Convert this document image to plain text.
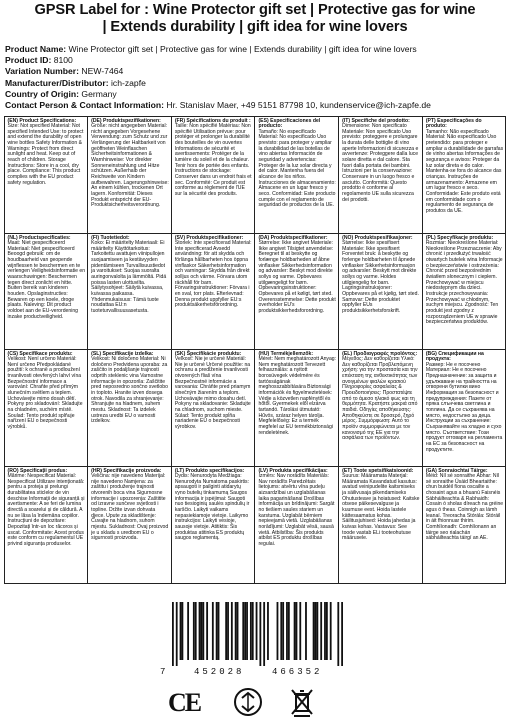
GPSR Label for : Wine Protector gift set | Protective gas for wine
| Extends durability | gift idea for wine lovers
Product Name: Wine Protector gift set | Protective gas for wine | Extends durability | gift idea for wine lovers
Product ID: 8100
Variation Number: NEW-7464
Manufacturer/Distributor: ich-zapfe
Country of Origin: Germany
Contact Person & Contact Information: Hr. Stanislav Maer, +49 5151 87798 10, kundenservice@ich-zapfe.de

(EN) Product Specifications:

Size: Not specified Material: Not specified Intended Use: to protect and extend the durability of open wine bottles Safety Information & Warnings: Protect from direct sunlight and heat. Keep out of reach of children. Storage Instructions: Store in a cool, dry place. Compliance: This product complies with the EU product safety regulation.

(DE) Produktspezifikationen:

Größe: nicht angegeben Material: nicht angegeben Vorgesehene Verwendung: zum Schutz und zur Verlängerung der Haltbarkeit von geöffneten Weinflaschen Sicherheitsinformationen & Warnhinweise: Vor direkter Sonneneinstrahlung und Hitze schützen. Außerhalb der Reichweite von Kindern aufbewahren. Lagerungshinweise: An einem kühlen, trockenen Ort lagern. Konformität: Dieses Produkt entspricht der EU-Produktsicherheitsverordnung.

(FR) Spécifications du produit :

Taille: Non spécifié Matériau: Non spécifié Utilisation prévue: pour protéger et prolonger la durabilité des bouteilles de vin ouvertes Informations de sécurité et avertissements: Protéger de la lumière du soleil et de la chaleur. Tenir hors de portée des enfants. Instructions de stockage: Conserver dans un endroit frais et sec. Conformité: Ce produit est conforme au règlement de l'UE sur la sécurité des produits.

(ES) Especificaciones del producto:

Tamaño: No especificado Material: No especificado Uso previsto: para proteger y ampliar la durabilidad de las botellas de vino abiertas Información de seguridad y advertencias: Proteger de la luz solar directa y del calor. Mantenha fuera del alcance de los niños. Instrucciones de almacenamiento: Almacene en un lugar fresco y seco. Conformidad: Este producto cumple con el reglamento de seguridad de productos de la UE.

(IT) Specifiche del prodotto:

Dimensione: Non specificato Materiale: Non specificato Uso previsto: proteggere e prolungare la durata delle bottiglie di vino aperte Informazioni di sicurezza e avvertenze: Proteggere dalla luce solare diretta e dal calore. Sta fuori dalla portata dei bambini. Istruzioni per la conservazione: Conservare in un luogo fresco e asciutto. Conformità: Questo prodotto è conforme al regolamento UE sulla sicurezza dei prodotti.

(PT) Especificações do produto:

Tamanho: Não especificado Material: Não especificado Uso pretendido: para proteger e ampliar a durabilidade de garrafas de vinho abertas Informações de segurança e avisos: Proteger da luz solar direta e do calor. Mantenha-se fora do alcance das crianças. Instruções de armazenamento: Armazene em um lugar fresco e seco. Conformidade: Este produto está em conformidade com o regulamento de segurança de produtos da UE.

(NL) Productspecificaties:

Maat: Niet gespecificeerd Materiaal: Niet gespecificeerd Beoogd gebruik: om de houdbaarheid van geopende wijnflessen te beschermen en te verlengen Veiligheidsinformatie en waarschuwingen: Beschermen tegen direct zonlicht en hitte. Buiten bereik van kinderen houden. Opslaginstructies: Bewaren op een koele, droge plaats. Naleving: Dit product voldoet aan de EU-verordening inzake productveiligheid.

(FI) Tuotetiedot:

Koko: Ei määritelty Materiaali: Ei määritelty Käyttötarkoitus: Tarkoitettu avattujen viinipullojen suojaamiseen ja kestävyyden pidentämiseen Turvallisuustiedot ja varoitukset: Suojaa suoralta auringonvalolta ja lämmöltä. Pidä poissa lasten ulottuvilta. Säilytysohjeet: Säilytä kuivassa, kuivassa paikassa. Yhdenmukaisuus: Tämä tuote noudattaa EU:n tuoteturvallisuusasetusta.

(SV) Produktspecifikationer:

Storlek: Inte specificerad Material: Inte specificerad Avsedd användning: för att skydda och förlänga hållbarheten hos öppna vinflaskor Säkerhetsinformation och varningar: Skydda från direkt solljus och värme. Förvara utom räckhåll för barn. Förvaringsinstruktioner: Förvara i en sval, torr plats. Efterlevnad: Denna produkt uppfyller EU:s produktsäkerhetsförordning.

(DA) Produktspecifikationer:

Størrelse: Ikke angivet Materiale: Ikke angivet Tilsigtet anvendelse: Beregnet til at beskytte og forlænge holdbarheden af åbne vinflasker Sikkerhedsinformation og advarsler: Beskyt mod direkte sollys og varme. Opbevares utilgængeligt for børn. Opbevaringsinstruktioner: Opbevares på et køligt, tørt sted. Overensstemmelse: Dette produkt overholder EU's produktsikkerhedsforordning.

(NO) Produktspesifikasjoner:

Størrelse: Ikke spesifisert Materiale: Ikke spesifisert Forventet bruk: å beskytte og forlenge holdbarheten til åpnede vinflasker Sikkerhetsinformasjon og advarsler: Beskytt mot direkte sollys og varme. Holdes utilgjengelig for barn. Lagringsinstruksjoner: Oppbevares på et kjølig, tørt sted. Samsvar: Dette produktet oppfyller EUs produktsikkerhetsforskrift.

(PL) Specyfikacje produktu:

Rozmiar: Nieokreślone Materiał: Nieokreślone Przeznaczenie: Aby chronić i przedłużyć trwałość otwartych butelek wina Informacje o bezpieczeństwie i ostrzeżenia: Chronić przed bezpośrednim światłem słonecznym i ciepłem. Przechowywać w miejscu niedostępnym dla dzieci. Instrukcje przechowywania: Przechowywać w chłodnym, suchym miejscu. Zgodność: Ten produkt jest zgodny z rozporządzeniem UE w sprawie bezpieczeństwa produktów.

(CS) Specifikace produktu:

Velikost: Není určeno Materiál: Není určeno Předpokládané použití: k ochraně a prodloužení trvanlivosti otevřených lahví vína Bezpečnostní informace a varování: Chraňte před přímým slunečním světlem a teplem. Uchovávejte mimo dosah dětí. Pokyny pro skladování: Skladujte na chladném, suchém místě. Soulad: Tento produkt splňuje nařízení EU o bezpečnosti výrobků.

(SL) Specifikacije izdelka:

Velikost: Ni določeno Material: Ni določeno Predvidena uporaba: za zaščito in podaljšanje trajnosti odprtih steklenic vina Varnostne informacije in opozorila: Zaščitite pred neposredno sončno svetlobo in toploto. Hranite izven dosega otrok. Navodila za shranjevanje: Shranjujte na hladnem, suhem mestu. Skladnost: Ta izdelek ustreza uredbi EU o varnosti izdelkov.

(SK) Špecifikácie produktu:

Veľkosť: Nie je určené Materiál: Nie je určené Určené použitie: na ochranu a predĺženie trvanlivosti otvorených fliaš vína Bezpečnostné informácie a varovania: Chráňte pred priamym slnečným žiarením a teplom. Uchovávajte mimo dosahu detí. Pokyny na skladovanie: Skladujte na chladnom, suchom mieste. Súlad: Tento produkt spĺňa nariadenie EÚ o bezpečnosti výrobkov.

(HU) Termékjellemzők:

Méret: Nem meghatározott Anyag: Nem meghatározott Tervezett felhasználás: a nyitott borosüvegek védelmére és tartósságának meghosszabbítására Biztonsági információk és figyelmeztetések: Védje a közvetlen napfénytől és hőtől. Gyermekek elől elzárva tartandó. Tárolási útmutató: Hűvös, száraz helyen tárolja. Megfelelőség: Ez a termék megfelel az EU termékbiztonsági rendeletének.

(EL) Προδιαγραφές προϊόντος:

Μέγεθος: Δεν καθορίζεται Υλικό: Δεν καθορίζεται Προβλεπόμενη χρήση: για την προστασία και την επέκταση της ανθεκτικότητας των ανοιγμένων φιαλών κρασιού Πληροφορίες ασφαλείας & Προειδοποιήσεις: Προστατέψτε από το άμεσο ηλιακό φως και τη θερμότητα. Κρατήστε μακριά από παιδιά. Οδηγίες αποθήκευσης: Αποθηκεύστε σε δροσερό, ξηρό μέρος. Συμμόρφωση: Αυτό το προϊόν συμμορφώνεται με τον κανονισμό της ΕΕ για την ασφάλεια των προϊόντων.

(BG) Спецификации на продукта:

Размер: Не е посочено Материал: Не е посочено Предназначение: за защита и удължаване на трайността на отворени бутилки вино Информация за безопасност и предупреждения: Пазете от пряка слънчева светлина и топлина. Да се съхранява на място, недостъпно за деца. Инструкции за съхранение: Съхранявайте на хладно и сухо място. Съответствие: Този продукт отговаря на регламента на ЕС за безопасност на продуктите.

(RO) Specificații produs:

Mărime: Nespecificat Material: Nespecificat Utilizare intenționată: pentru a proteja și prelungi durabilitatea sticlelor de vin deschise Informații de siguranță și avertismente: A se feri de lumina directă a soarelui și de căldură. A nu se lăsa la îndemâna copiilor. Instrucțiuni de depozitare: Depozitați într-un loc răcoros și uscat. Conformitate: Acest produs este conform cu regulamentul UE privind siguranța produselor.

(HR) Specifikacije proizvoda:

Veličina: nije navedeno Materijal: nije navedeno Namjena: za zaštitu i produženje trajnosti otvorenih boca vina Sigurnosne informacije i upozorenja: Zaštitite od izravne sunčeve svjetlosti i topline. Držite izvan dohvata djece. Upute za skladištenje: Čuvajte na hladnom, suhom mjestu. Sukladnost: Ovaj proizvod je u skladu s uredbom EU o sigurnosti proizvoda.

(LT) Produkto specifikacijos:

Dydis: Nenurodyta Medžiaga: Nenurodyta Numatoma paskirtis: apsaugoti ir pailginti atidarytų vyno butelių tinkamumą Saugos informacija ir įspėjimai: Saugoti nuo tiesioginių saulės spindulių ir karščio. Laikyti vaikams nepasiekiamoje vietoje. Laikymo instrukcijos: Laikyti vėsioje, sausoje vietoje. Atitiktis: Šis produktas atitinka ES produktų saugos reglamentą.

(LV) Produkta specifikācijas:

Izmērs: Nav norādīts Materiāls: Nav norādīts Paredzētais lietojums: atvērtu vīna pudeļu aizsardzībai un uzglabāšanas laika pagarināšanai Drošības informācija un brīdinājumi: Sargāt no tiešiem saules stariem un karstuma. Uzglabāt bērniem nepieejamā vietā. Uzglabāšanas norādījumi: Uzglabāt vēsā, sausā vietā. Atbilstība: Šis produkts atbilst ES produktu drošības regulai.

(ET) Toote spetsifikatsioonid:

Suurus: Määramata Materjal: Määramata Kavandatud kasutus: avatud veinipudelite kaitsmiseks ja säilivusaja pikendamiseks Ohutusteave ja hoiatused: Kaitske otsese päikesevalguse ja kuumuse eest. Hoida lastele kättesaamatus kohas. Säilitusjuhised: Hoida jahedas ja kuivas kohas. Vastavus: See toode vastab ELi tooteohutuse määrusele.

(GA) Sonraíochtaí Táirge:

Méid: Níl sé sonraithe Ábhar: Níl sé sonraithe Úsáid Bheartaithe: chun buidéil fíona oscailte a chosaint agus a bhuanú Faisnéis Sábháilteachta & Rabhaidh: Cosain ó sholas díreach na gréine agus ó theas. Coinnigh as lámh leanaí. Treoracha Stórála: Stóráil in áit fhionnuar thirim. Comhlíonadh: Comhlíonann an táirge seo rialachán sábháilteachta táirgí an AE.

7	452028	466352
CE
